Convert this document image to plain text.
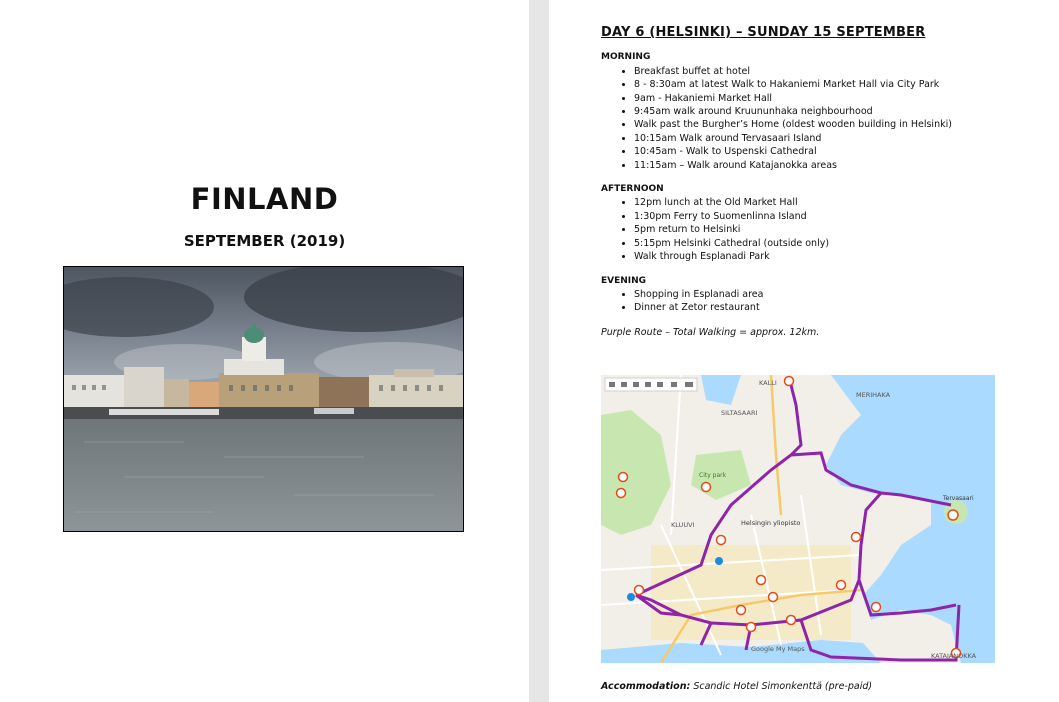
FINLAND
SEPTEMBER (2019)
DAY 6 (HELSINKI) – SUNDAY 15 SEPTEMBER
MORNING
• Breakfast buffet at hotel
• 8 - 8:30am at latest Walk to Hakaniemi Market Hall via City Park
• 9am - Hakaniemi Market Hall
• 9:45am walk around Kruununhaka neighbourhood
• Walk past the Burgher’s Home (oldest wooden building in Helsinki)
• 10:15am Walk around Tervasaari Island
• 10:45am - Walk to Uspenski Cathedral
• 11:15am – Walk around Katajanokka areas
AFTERNOON
• 12pm lunch at the Old Market Hall
• 1:30pm Ferry to Suomenlinna Island
• 5pm return to Helsinki
• 5:15pm Helsinki Cathedral (outside only)
• Walk through Esplanadi Park
EVENING
• Shopping in Esplanadi area
• Dinner at Zetor restaurant
Purple Route – Total Walking = approx. 12km.
KALLI
MERIHAKA
SILTASAARI
Tervasaari
KLUUVI	Helsingin yliopisto
City park
KATAJANOKKA
Google My Maps
Accommodation: Scandic Hotel Simonkenttä (pre-paid)
